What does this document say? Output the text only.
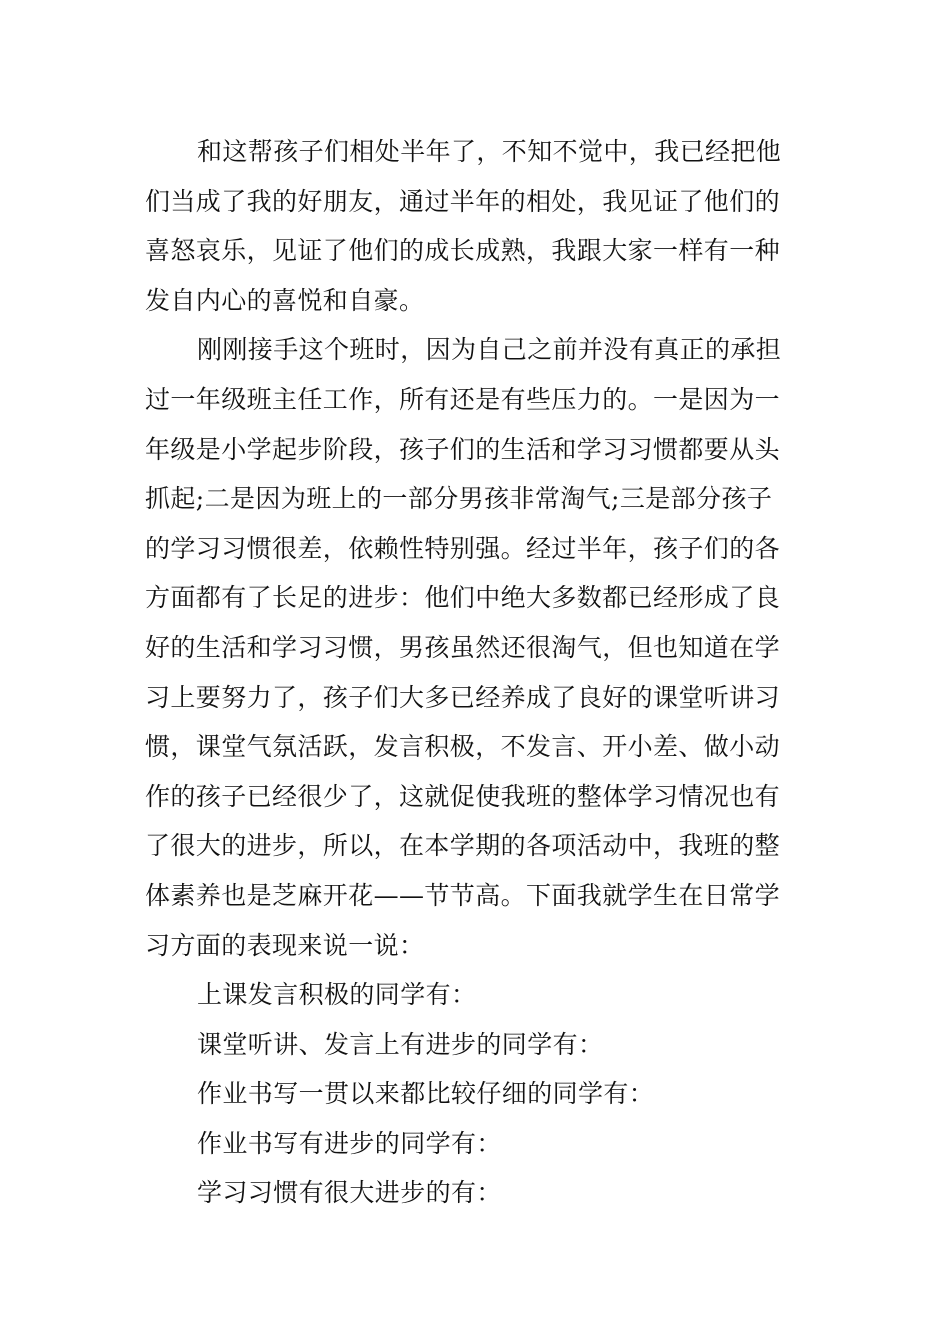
和这帮孩子们相处半年了，不知不觉中，我已经把他
们当成了我的好朋友，通过半年的相处，我见证了他们的
喜怒哀乐，见证了他们的成长成熟，我跟大家一样有一种
发自内心的喜悦和自豪。
刚刚接手这个班时，因为自己之前并没有真正的承担
过一年级班主任工作，所有还是有些压力的。一是因为一
年级是小学起步阶段，孩子们的生活和学习习惯都要从头
抓起;二是因为班上的一部分男孩非常淘气;三是部分孩子
的学习习惯很差，依赖性特别强。经过半年，孩子们的各
方面都有了长足的进步：他们中绝大多数都已经形成了良
好的生活和学习习惯，男孩虽然还很淘气，但也知道在学
习上要努力了，孩子们大多已经养成了良好的课堂听讲习
惯，课堂气氛活跃，发言积极，不发言、开小差、做小动
作的孩子已经很少了，这就促使我班的整体学习情况也有
了很大的进步，所以，在本学期的各项活动中，我班的整
体素养也是芝麻开花——节节高。下面我就学生在日常学
习方面的表现来说一说：
上课发言积极的同学有：
课堂听讲、发言上有进步的同学有：
作业书写一贯以来都比较仔细的同学有：
作业书写有进步的同学有：
学习习惯有很大进步的有：
